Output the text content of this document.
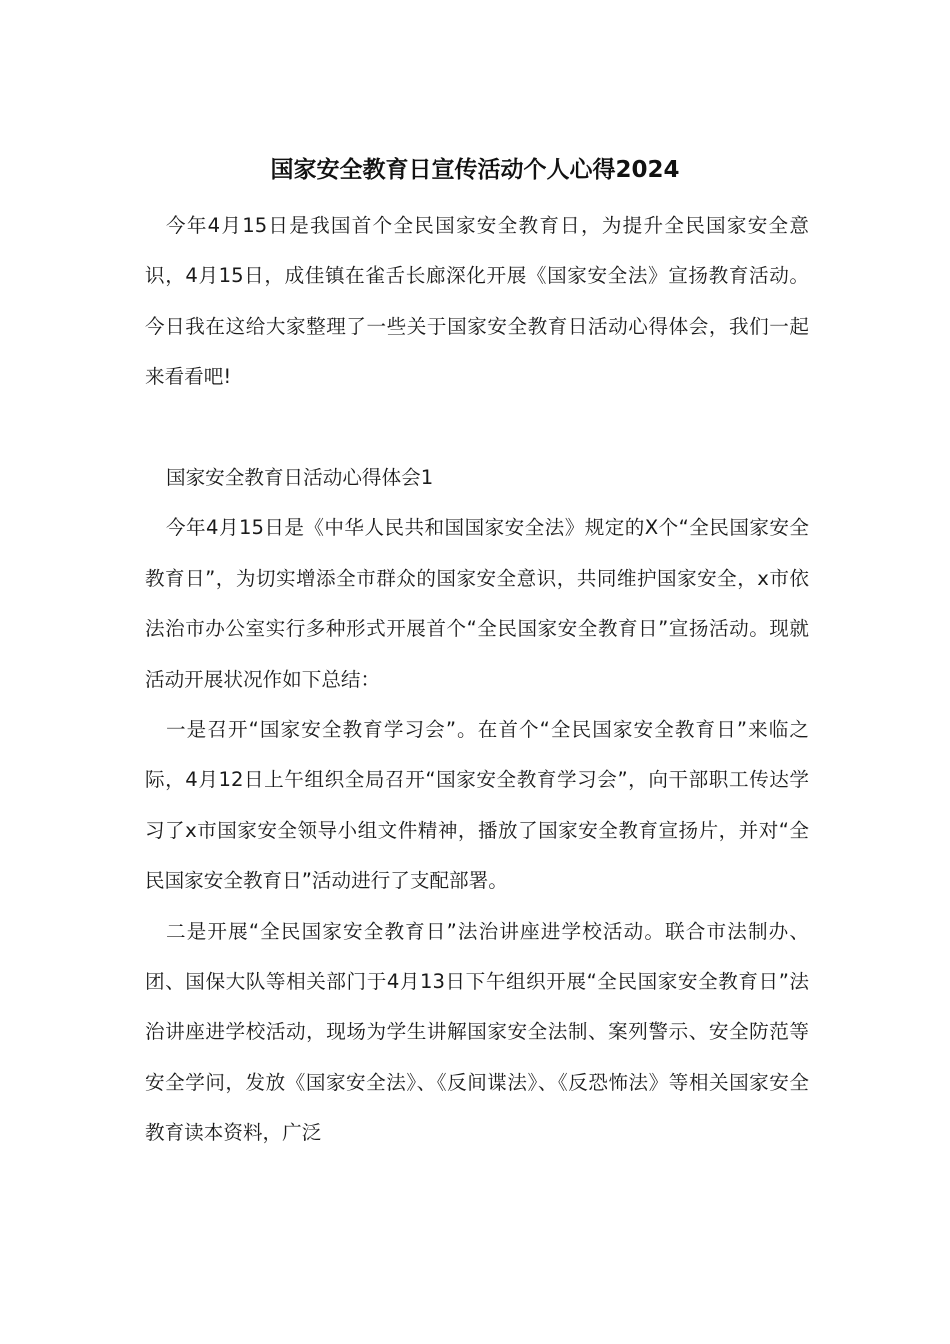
国家安全教育日宣传活动个人心得2024

今年4月15日是我国首个全民国家安全教育日，为提升全民国家安全意识，4月15日，成佳镇在雀舌长廊深化开展《国家安全法》宣扬教育活动。今日我在这给大家整理了一些关于国家安全教育日活动心得体会，我们一起来看看吧!

国家安全教育日活动心得体会1

今年4月15日是《中华人民共和国国家安全法》规定的X个“全民国家安全教育日”，为切实增添全市群众的国家安全意识，共同维护国家安全，x市依法治市办公室实行多种形式开展首个“全民国家安全教育日”宣扬活动。现就活动开展状况作如下总结：

一是召开“国家安全教育学习会”。在首个“全民国家安全教育日”来临之际，4月12日上午组织全局召开“国家安全教育学习会”，向干部职工传达学习了x市国家安全领导小组文件精神，播放了国家安全教育宣扬片，并对“全民国家安全教育日”活动进行了支配部署。

二是开展“全民国家安全教育日”法治讲座进学校活动。联合市法制办、团、国保大队等相关部门于4月13日下午组织开展“全民国家安全教育日”法治讲座进学校活动，现场为学生讲解国家安全法制、案列警示、安全防范等安全学问，发放《国家安全法》、《反间谍法》、《反恐怖法》等相关国家安全教育读本资料，广泛
